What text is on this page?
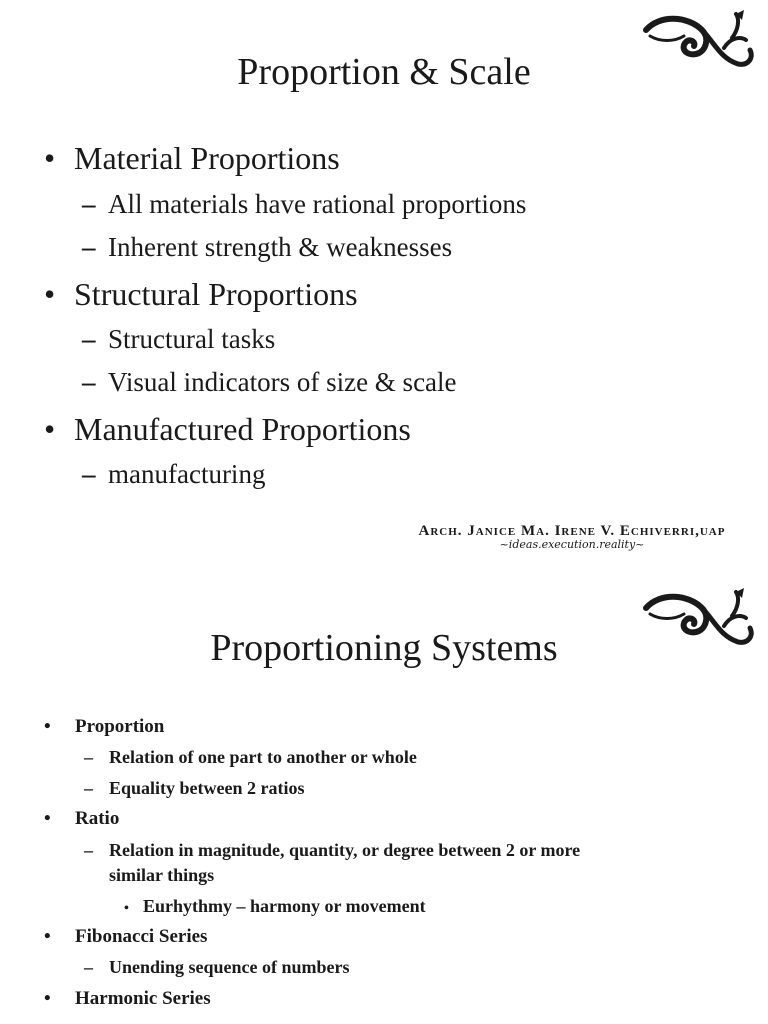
Proportion & Scale
• Material Proportions
– All materials have rational proportions
– Inherent strength & weaknesses
• Structural Proportions
– Structural tasks
– Visual indicators of size & scale
• Manufactured Proportions
– manufacturing
Arch. Janice Ma. Irene V. Echiverri,uap
~ideas.execution.reality~
Proportioning Systems
• Proportion
– Relation of one part to another or whole
– Equality between 2 ratios
• Ratio
– Relation in magnitude, quantity, or degree between 2 or more
similar things
• Eurhythmy – harmony or movement
• Fibonacci Series
– Unending sequence of numbers
• Harmonic Series
